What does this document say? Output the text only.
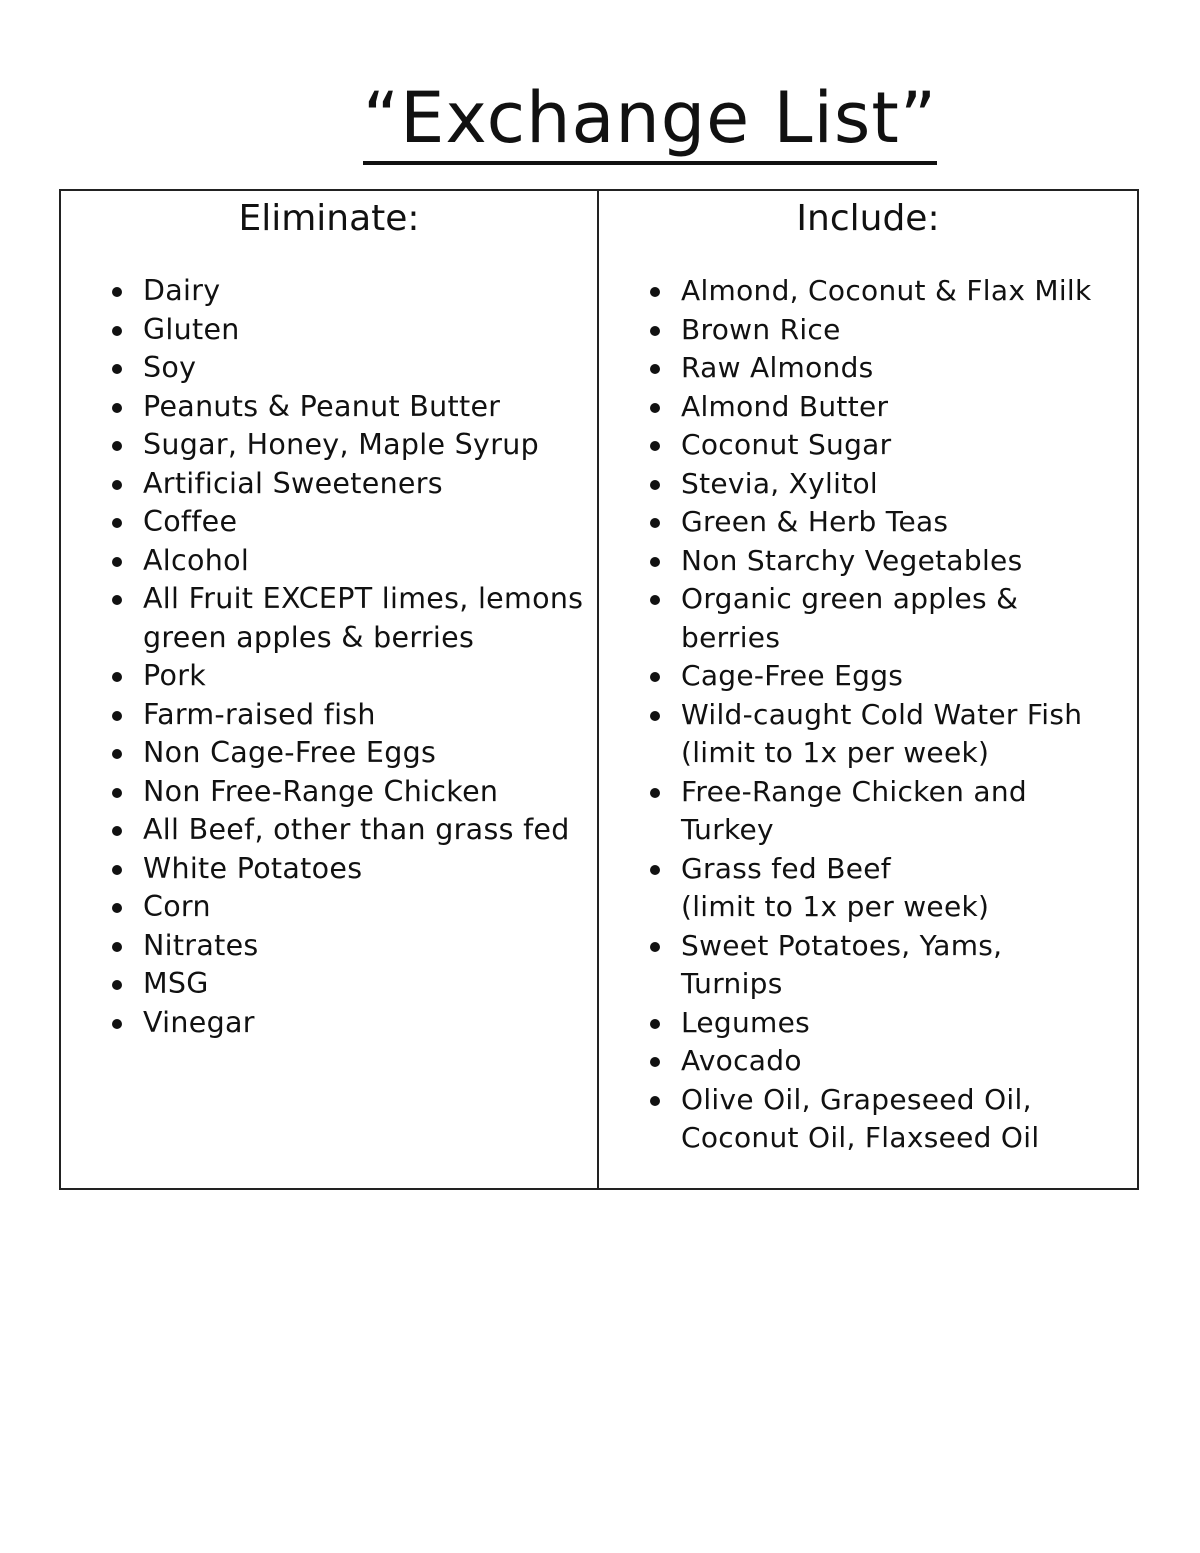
“Exchange List”
Eliminate:
Dairy
Gluten
Soy
Peanuts & Peanut Butter
Sugar, Honey, Maple Syrup
Artificial Sweeteners
Coffee
Alcohol
All Fruit EXCEPT limes, lemons
green apples & berries
Pork
Farm-raised fish
Non Cage-Free Eggs
Non Free-Range Chicken
All Beef, other than grass fed
White Potatoes
Corn
Nitrates
MSG
Vinegar
Include:
Almond, Coconut & Flax Milk
Brown Rice
Raw Almonds
Almond Butter
Coconut Sugar
Stevia, Xylitol
Green & Herb Teas
Non Starchy Vegetables
Organic green apples &
berries
Cage-Free Eggs
Wild-caught Cold Water Fish
(limit to 1x per week)
Free-Range Chicken and
Turkey
Grass fed Beef
(limit to 1x per week)
Sweet Potatoes, Yams,
Turnips
Legumes
Avocado
Olive Oil, Grapeseed Oil,
Coconut Oil, Flaxseed Oil
